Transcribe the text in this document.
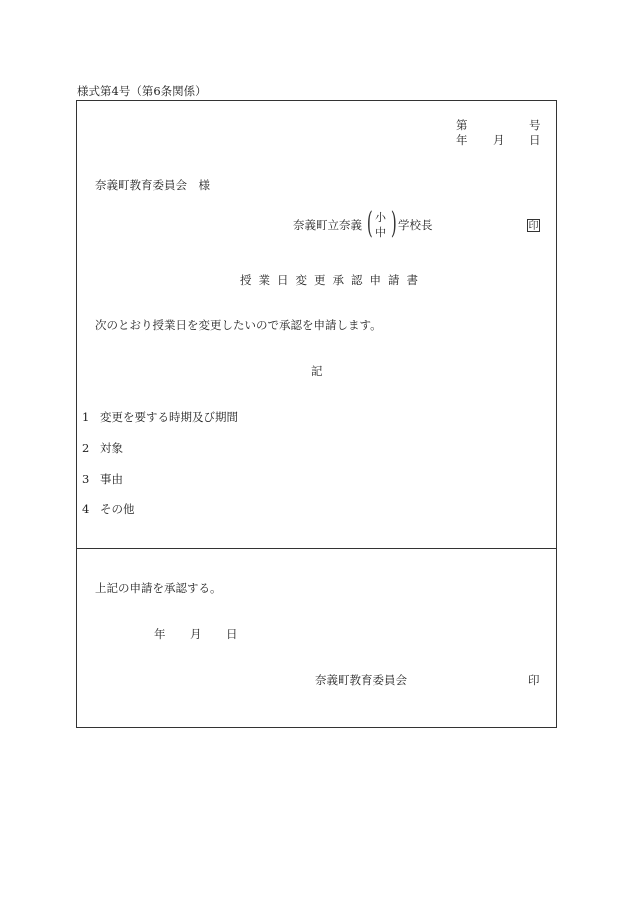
様式第4号（第6条関係）
第	号
年 月 日
奈義町教育委員会　様
奈義町立奈義 ( 小
中 ) 学校長	印
授業日変更承認申請書
次のとおり授業日を変更したいので承認を申請します。
記
1 変更を要する時期及び期間
2 対象
3 事由
4 その他
上記の申請を承認する。
年 月 日
奈義町教育委員会	印
